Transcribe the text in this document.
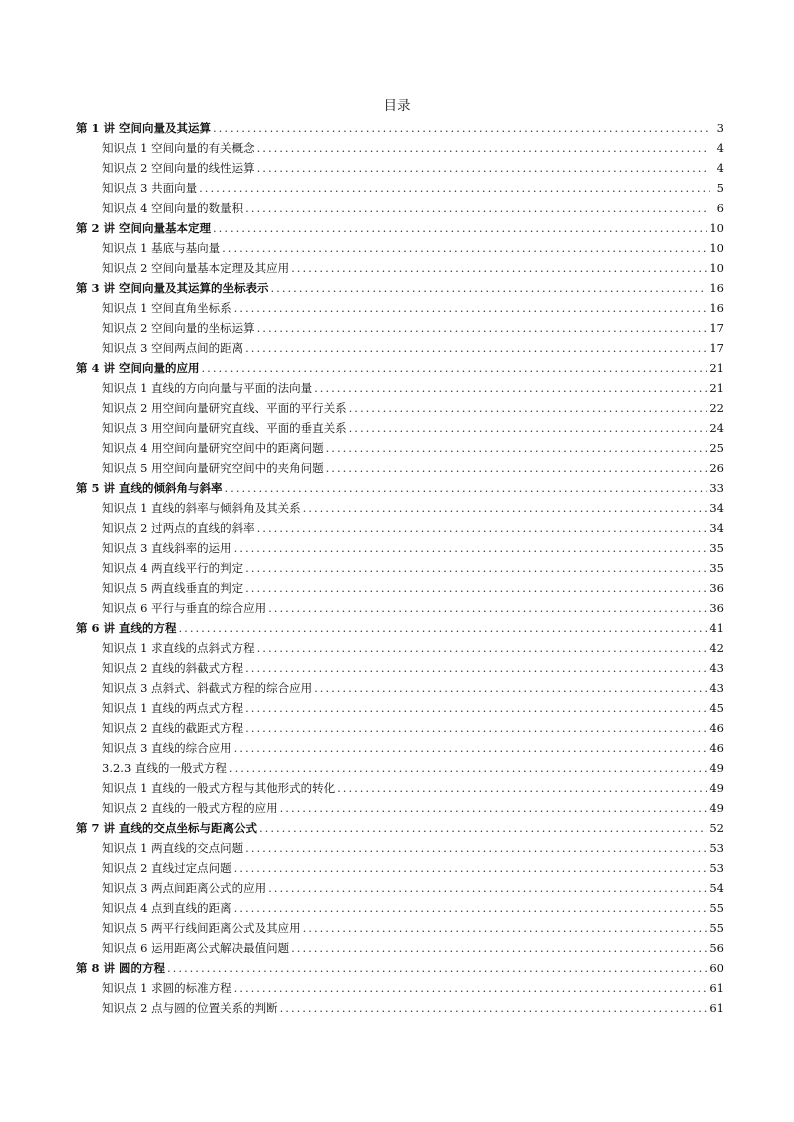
目录
第 1 讲 空间向量及其运算 .....	3
知识点 1 空间向量的有关概念 .....	4
知识点 2 空间向量的线性运算 .....	4
知识点 3 共面向量 .....	5
知识点 4 空间向量的数量积 .....	6
第 2 讲 空间向量基本定理 .....	10
知识点 1 基底与基向量 .....	10
知识点 2 空间向量基本定理及其应用 .....	10
第 3 讲 空间向量及其运算的坐标表示 .....	16
知识点 1 空间直角坐标系 .....	16
知识点 2 空间向量的坐标运算 .....	17
知识点 3 空间两点间的距离 .....	17
第 4 讲 空间向量的应用 .....	21
知识点 1 直线的方向向量与平面的法向量 .....	21
知识点 2 用空间向量研究直线、平面的平行关系 .....	22
知识点 3 用空间向量研究直线、平面的垂直关系 .....	24
知识点 4 用空间向量研究空间中的距离问题 .....	25
知识点 5 用空间向量研究空间中的夹角问题 .....	26
第 5 讲 直线的倾斜角与斜率 .....	33
知识点 1 直线的斜率与倾斜角及其关系 .....	34
知识点 2 过两点的直线的斜率 .....	34
知识点 3 直线斜率的运用 .....	35
知识点 4 两直线平行的判定 .....	35
知识点 5 两直线垂直的判定 .....	36
知识点 6 平行与垂直的综合应用 .....	36
第 6 讲 直线的方程 .....	41
知识点 1 求直线的点斜式方程 .....	42
知识点 2 直线的斜截式方程 .....	43
知识点 3 点斜式、斜截式方程的综合应用 .....	43
知识点 1 直线的两点式方程 .....	45
知识点 2 直线的截距式方程 .....	46
知识点 3 直线的综合应用 .....	46
3.2.3 直线的一般式方程 .....	49
知识点 1 直线的一般式方程与其他形式的转化 .....	49
知识点 2 直线的一般式方程的应用 .....	49
第 7 讲 直线的交点坐标与距离公式 .....	52
知识点 1 两直线的交点问题 .....	53
知识点 2 直线过定点问题 .....	53
知识点 3 两点间距离公式的应用 .....	54
知识点 4 点到直线的距离 .....	55
知识点 5 两平行线间距离公式及其应用 .....	55
知识点 6 运用距离公式解决最值问题 .....	56
第 8 讲 圆的方程 .....	60
知识点 1 求圆的标准方程 .....	61
知识点 2 点与圆的位置关系的判断 .....	61
